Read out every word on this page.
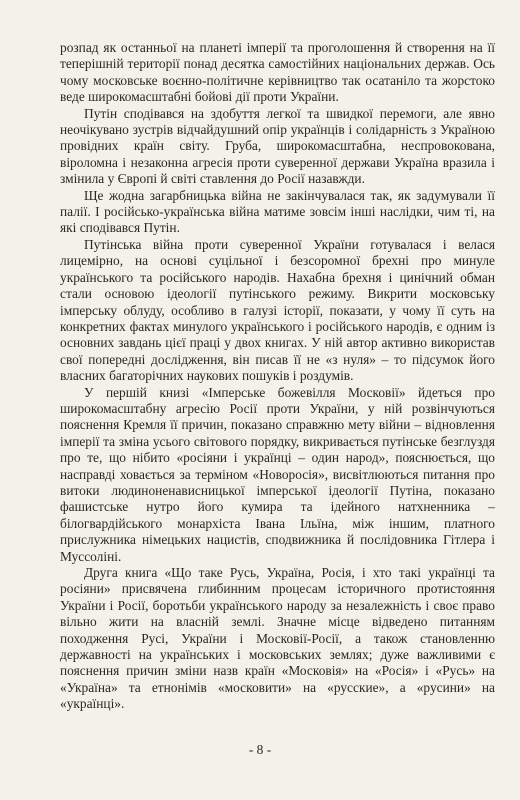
розпад як останньої на планеті імперії та проголошення й створення на її теперішній території понад десятка самостійних національних держав. Ось чому московське воєнно-політичне керівництво так осатаніло та жорстоко веде широкомасштабні бойові дії проти України.

Путін сподівався на здобуття легкої та швидкої перемоги, але явно неочікувано зустрів відчайдушний опір українців і солідарність з Україною провідних країн світу. Груба, широкомасштабна, неспровокована, віроломна і незаконна агресія проти суверенної держави Україна вразила і змінила у Європі й світі ставлення до Росії назавжди.

Ще жодна загарбницька війна не закінчувалася так, як задумували її палії. І російсько-українська війна матиме зовсім інші наслідки, чим ті, на які сподівався Путін.

Путінська війна проти суверенної України готувалася і велася лицемірно, на основі суцільної і безсоромної брехні про минуле українського та російського народів. Нахабна брехня і цинічний обман стали основою ідеології путінського режиму. Викрити московську імперську облуду, особливо в галузі історії, показати, у чому її суть на конкретних фактах минулого українського і російського народів, є одним із основних завдань цієї праці у двох книгах. У ній автор активно використав свої попередні дослідження, він писав її не «з нуля» – то підсумок його власних багаторічних наукових пошуків і роздумів.

У першій книзі «Імперське божевілля Московії» йдеться про широкомасштабну агресію Росії проти України, у ній розвінчуються пояснення Кремля її причин, показано справжню мету війни – відновлення імперії та зміна усього світового порядку, викривається путінське безглуздя про те, що нібито «росіяни і українці – один народ», пояснюється, що насправді ховається за терміном «Новоросія», висвітлюються питання про витоки людиноненависницької імперської ідеології Путіна, показано фашистське нутро його кумира та ідейного натхненника – білогвардійського монархіста Івана Ільїна, між іншим, платного прислужника німецьких нацистів, сподвижника й послідовника Гітлера і Муссоліні.

Друга книга «Що таке Русь, Україна, Росія, і хто такі українці та росіяни» присвячена глибинним процесам історичного протистояння України і Росії, боротьби українського народу за незалежність і своє право вільно жити на власній землі. Значне місце відведено питанням походження Русі, України і Московії-Росії, а також становленню державності на українських і московських землях; дуже важливими є пояснення причин зміни назв країн «Московія» на «Росія» і «Русь» на «Україна» та етнонімів «московити» на «русские», а «русини» на «українці».

- 8 -
